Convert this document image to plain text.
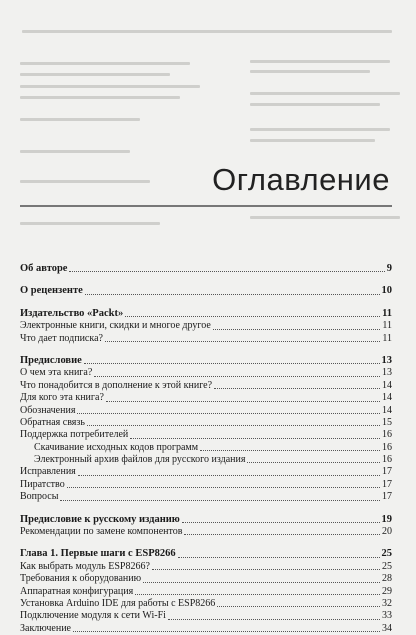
Оглавление
Об авторе	9
О рецензенте	10
Издательство «Packt»	11
Электронные книги, скидки и многое другое	11
Что дает подписка?	11
Предисловие	13
О чем эта книга?	13
Что понадобится в дополнение к этой книге?	14
Для кого эта книга?	14
Обозначения	14
Обратная связь	15
Поддержка потребителей	16
Скачивание исходных кодов программ	16
Электронный архив файлов для русского издания	16
Исправления	17
Пиратство	17
Вопросы	17
Предисловие к русскому изданию	19
Рекомендации по замене компонентов	20
Глава 1. Первые шаги с ESP8266	25
Как выбрать модуль ESP8266?	25
Требования к оборудованию	28
Аппаратная конфигурация	29
Установка Arduino IDE для работы с ESP8266	32
Подключение модуля к сети Wi-Fi	33
Заключение	34
